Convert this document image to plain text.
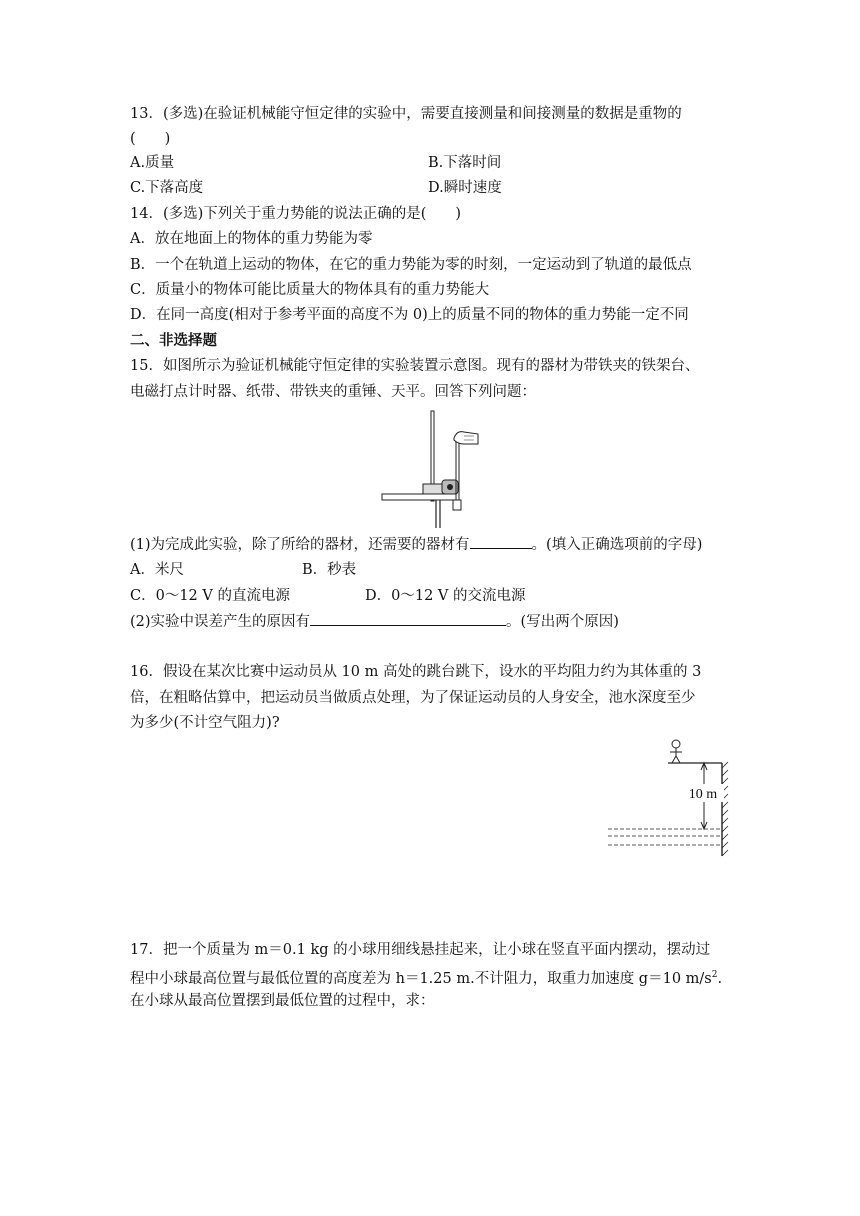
13．(多选)在验证机械能守恒定律的实验中，需要直接测量和间接测量的数据是重物的
(　　)
A.质量	B.下落时间
C.下落高度	D.瞬时速度
14．(多选)下列关于重力势能的说法正确的是(　　)
A．放在地面上的物体的重力势能为零
B．一个在轨道上运动的物体，在它的重力势能为零的时刻，一定运动到了轨道的最低点
C．质量小的物体可能比质量大的物体具有的重力势能大
D．在同一高度(相对于参考平面的高度不为 0)上的质量不同的物体的重力势能一定不同
二、非选择题
15．如图所示为验证机械能守恒定律的实验装置示意图。现有的器材为带铁夹的铁架台、
电磁打点计时器、纸带、带铁夹的重锤、天平。回答下列问题：
(1)为完成此实验，除了所给的器材，还需要的器材有	。(填入正确选项前的字母)
A．米尺	B．秒表
C．0～12 V 的直流电源	D．0～12 V 的交流电源
(2)实验中误差产生的原因有	。(写出两个原因)
16．假设在某次比赛中运动员从 10 m 高处的跳台跳下，设水的平均阻力约为其体重的 3
倍，在粗略估算中，把运动员当做质点处理，为了保证运动员的人身安全，池水深度至少
为多少(不计空气阻力)?
10 m
17．把一个质量为 m＝0.1 kg 的小球用细线悬挂起来，让小球在竖直平面内摆动，摆动过
程中小球最高位置与最低位置的高度差为 h＝1.25 m.不计阻力，取重力加速度 g＝10 $m/s^2$.
在小球从最高位置摆到最低位置的过程中，求：
